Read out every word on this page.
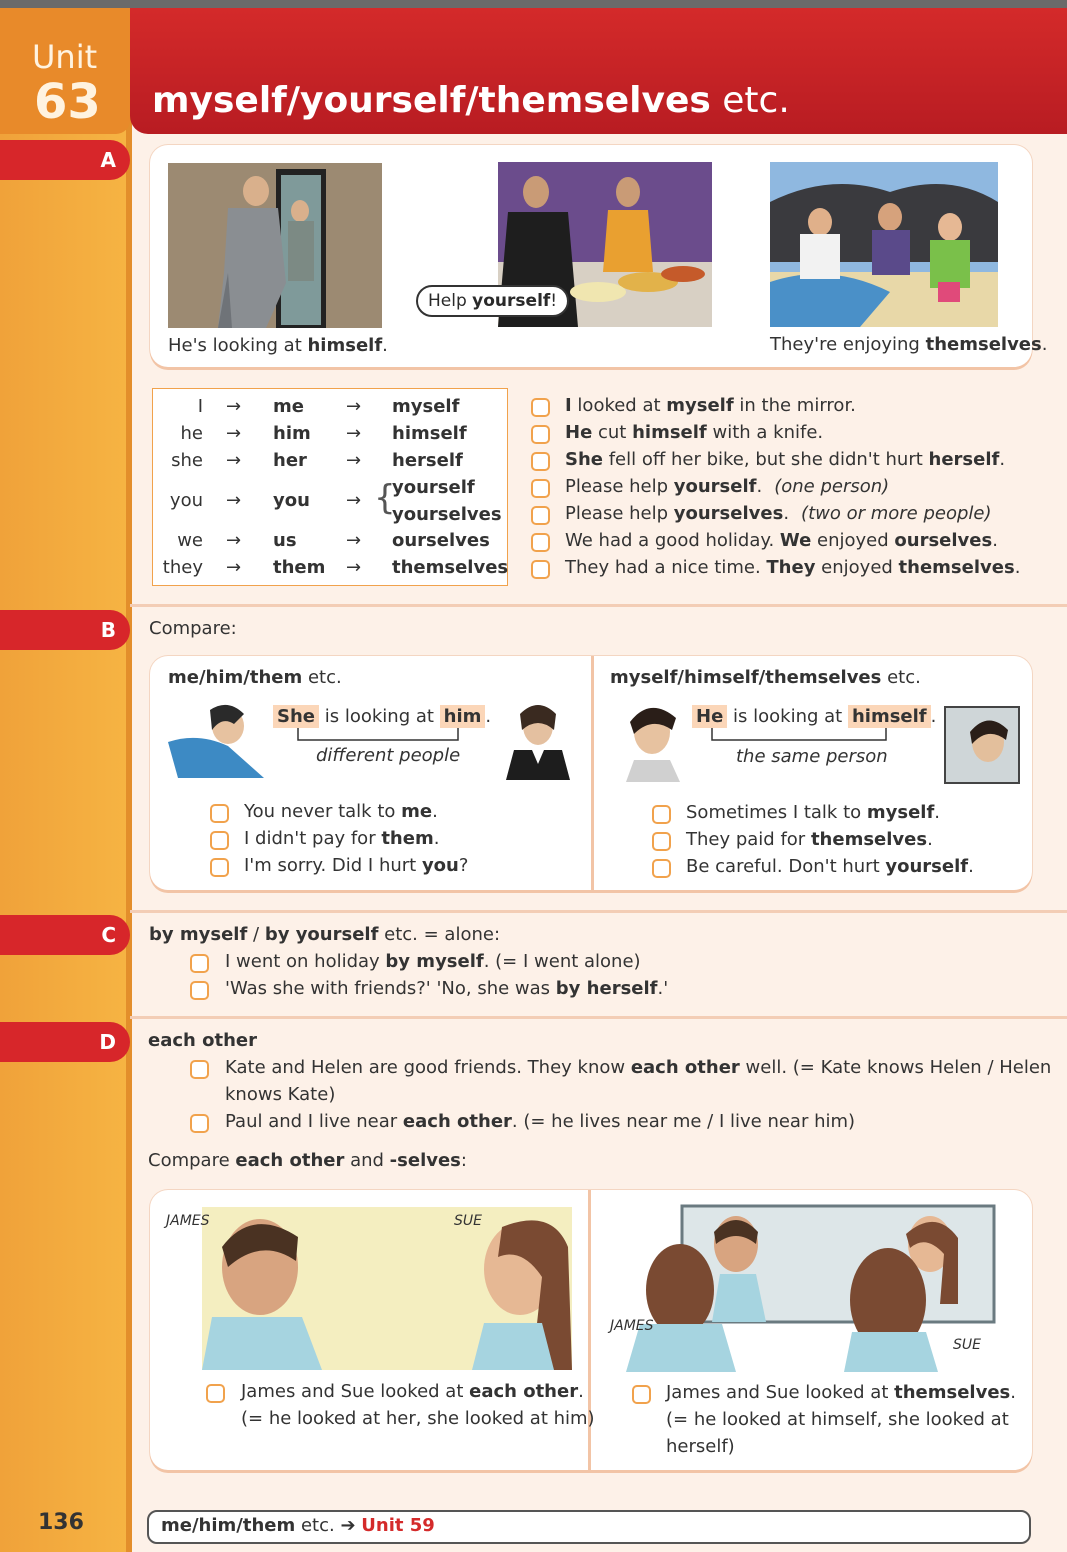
Unit
63 myself/yourself/themselves etc.
A
B
C
D
He's looking at himself.
Help yourself!
They're enjoying themselves.
I → me → myself
he → him → himself
she → her → herself
you → you → {
yourself
yourselves
we → us	→ ourselves
they → them → themselves
I looked at myself in the mirror.
He cut himself with a knife.
She fell off her bike, but she didn't hurt herself.
Please help yourself. (one person)
Please help yourselves. (two or more people)
We had a good holiday. We enjoyed ourselves.
They had a nice time. They enjoyed themselves.
Compare:
me/him/them etc.
She is looking at him .
different people
You never talk to me.
I didn't pay for them.
I'm sorry. Did I hurt you?
myself/himself/themselves etc.
He is looking at himself .
the same person
Sometimes I talk to myself.
They paid for themselves.
Be careful. Don't hurt yourself.
by myself / by yourself etc. = alone:
I went on holiday by myself. (= I went alone)
'Was she with friends?' 'No, she was by herself.'
each other
Kate and Helen are good friends. They know each other well. (= Kate knows Helen / Helen
knows Kate)
Paul and I live near each other. (= he lives near me / I live near him)
Compare each other and -selves:
JAMES	SUE
James and Sue looked at each other.
(= he looked at her, she looked at him)
JAMES
SUE
James and Sue looked at themselves.
(= he looked at himself, she looked at
herself)
136	me/him/them etc. ➔ Unit 59
